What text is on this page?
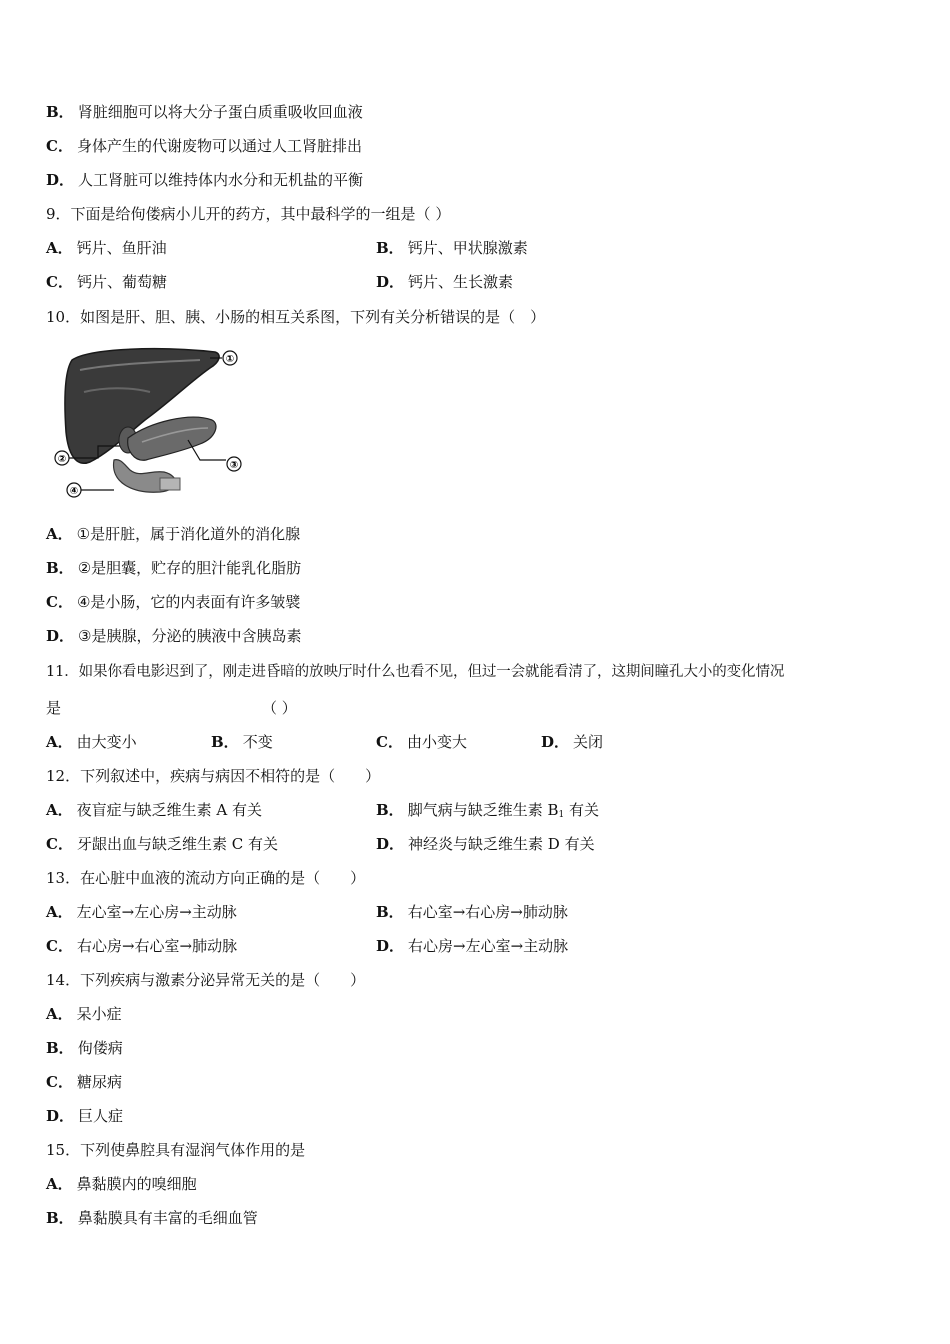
B． 肾脏细胞可以将大分子蛋白质重吸收回血液
C． 身体产生的代谢废物可以通过人工肾脏排出
D． 人工肾脏可以维持体内水分和无机盐的平衡
9．下面是给佝偻病小儿开的药方，其中最科学的一组是（ ）
A． 钙片、鱼肝油	B． 钙片、甲状腺激素
C． 钙片、葡萄糖	D． 钙片、生长激素
10．如图是肝、胆、胰、小肠的相互关系图，下列有关分析错误的是（　）
①
②
③
④
A． ①是肝脏，属于消化道外的消化腺
B． ②是胆囊，贮存的胆汁能乳化脂肪
C． ④是小肠，它的内表面有许多皱襞
D． ③是胰腺，分泌的胰液中含胰岛素
11．如果你看电影迟到了，刚走进昏暗的放映厅时什么也看不见，但过一会就能看清了，这期间瞳孔大小的变化情况
是	（ ）
A． 由大变小	B． 不变	C． 由小变大	D． 关闭
12．下列叙述中，疾病与病因不相符的是（　　）
A． 夜盲症与缺乏维生素 A 有关	B． 脚气病与缺乏维生素 $B_1$ 有关
C． 牙龈出血与缺乏维生素 C 有关	D． 神经炎与缺乏维生素 D 有关
13．在心脏中血液的流动方向正确的是（　　）
A． 左心室→左心房→主动脉	B． 右心室→右心房→肺动脉
C． 右心房→右心室→肺动脉	D． 右心房→左心室→主动脉
14．下列疾病与激素分泌异常无关的是（　　）
A． 呆小症
B． 佝偻病
C． 糖尿病
D． 巨人症
15．下列使鼻腔具有湿润气体作用的是
A． 鼻黏膜内的嗅细胞
B． 鼻黏膜具有丰富的毛细血管
